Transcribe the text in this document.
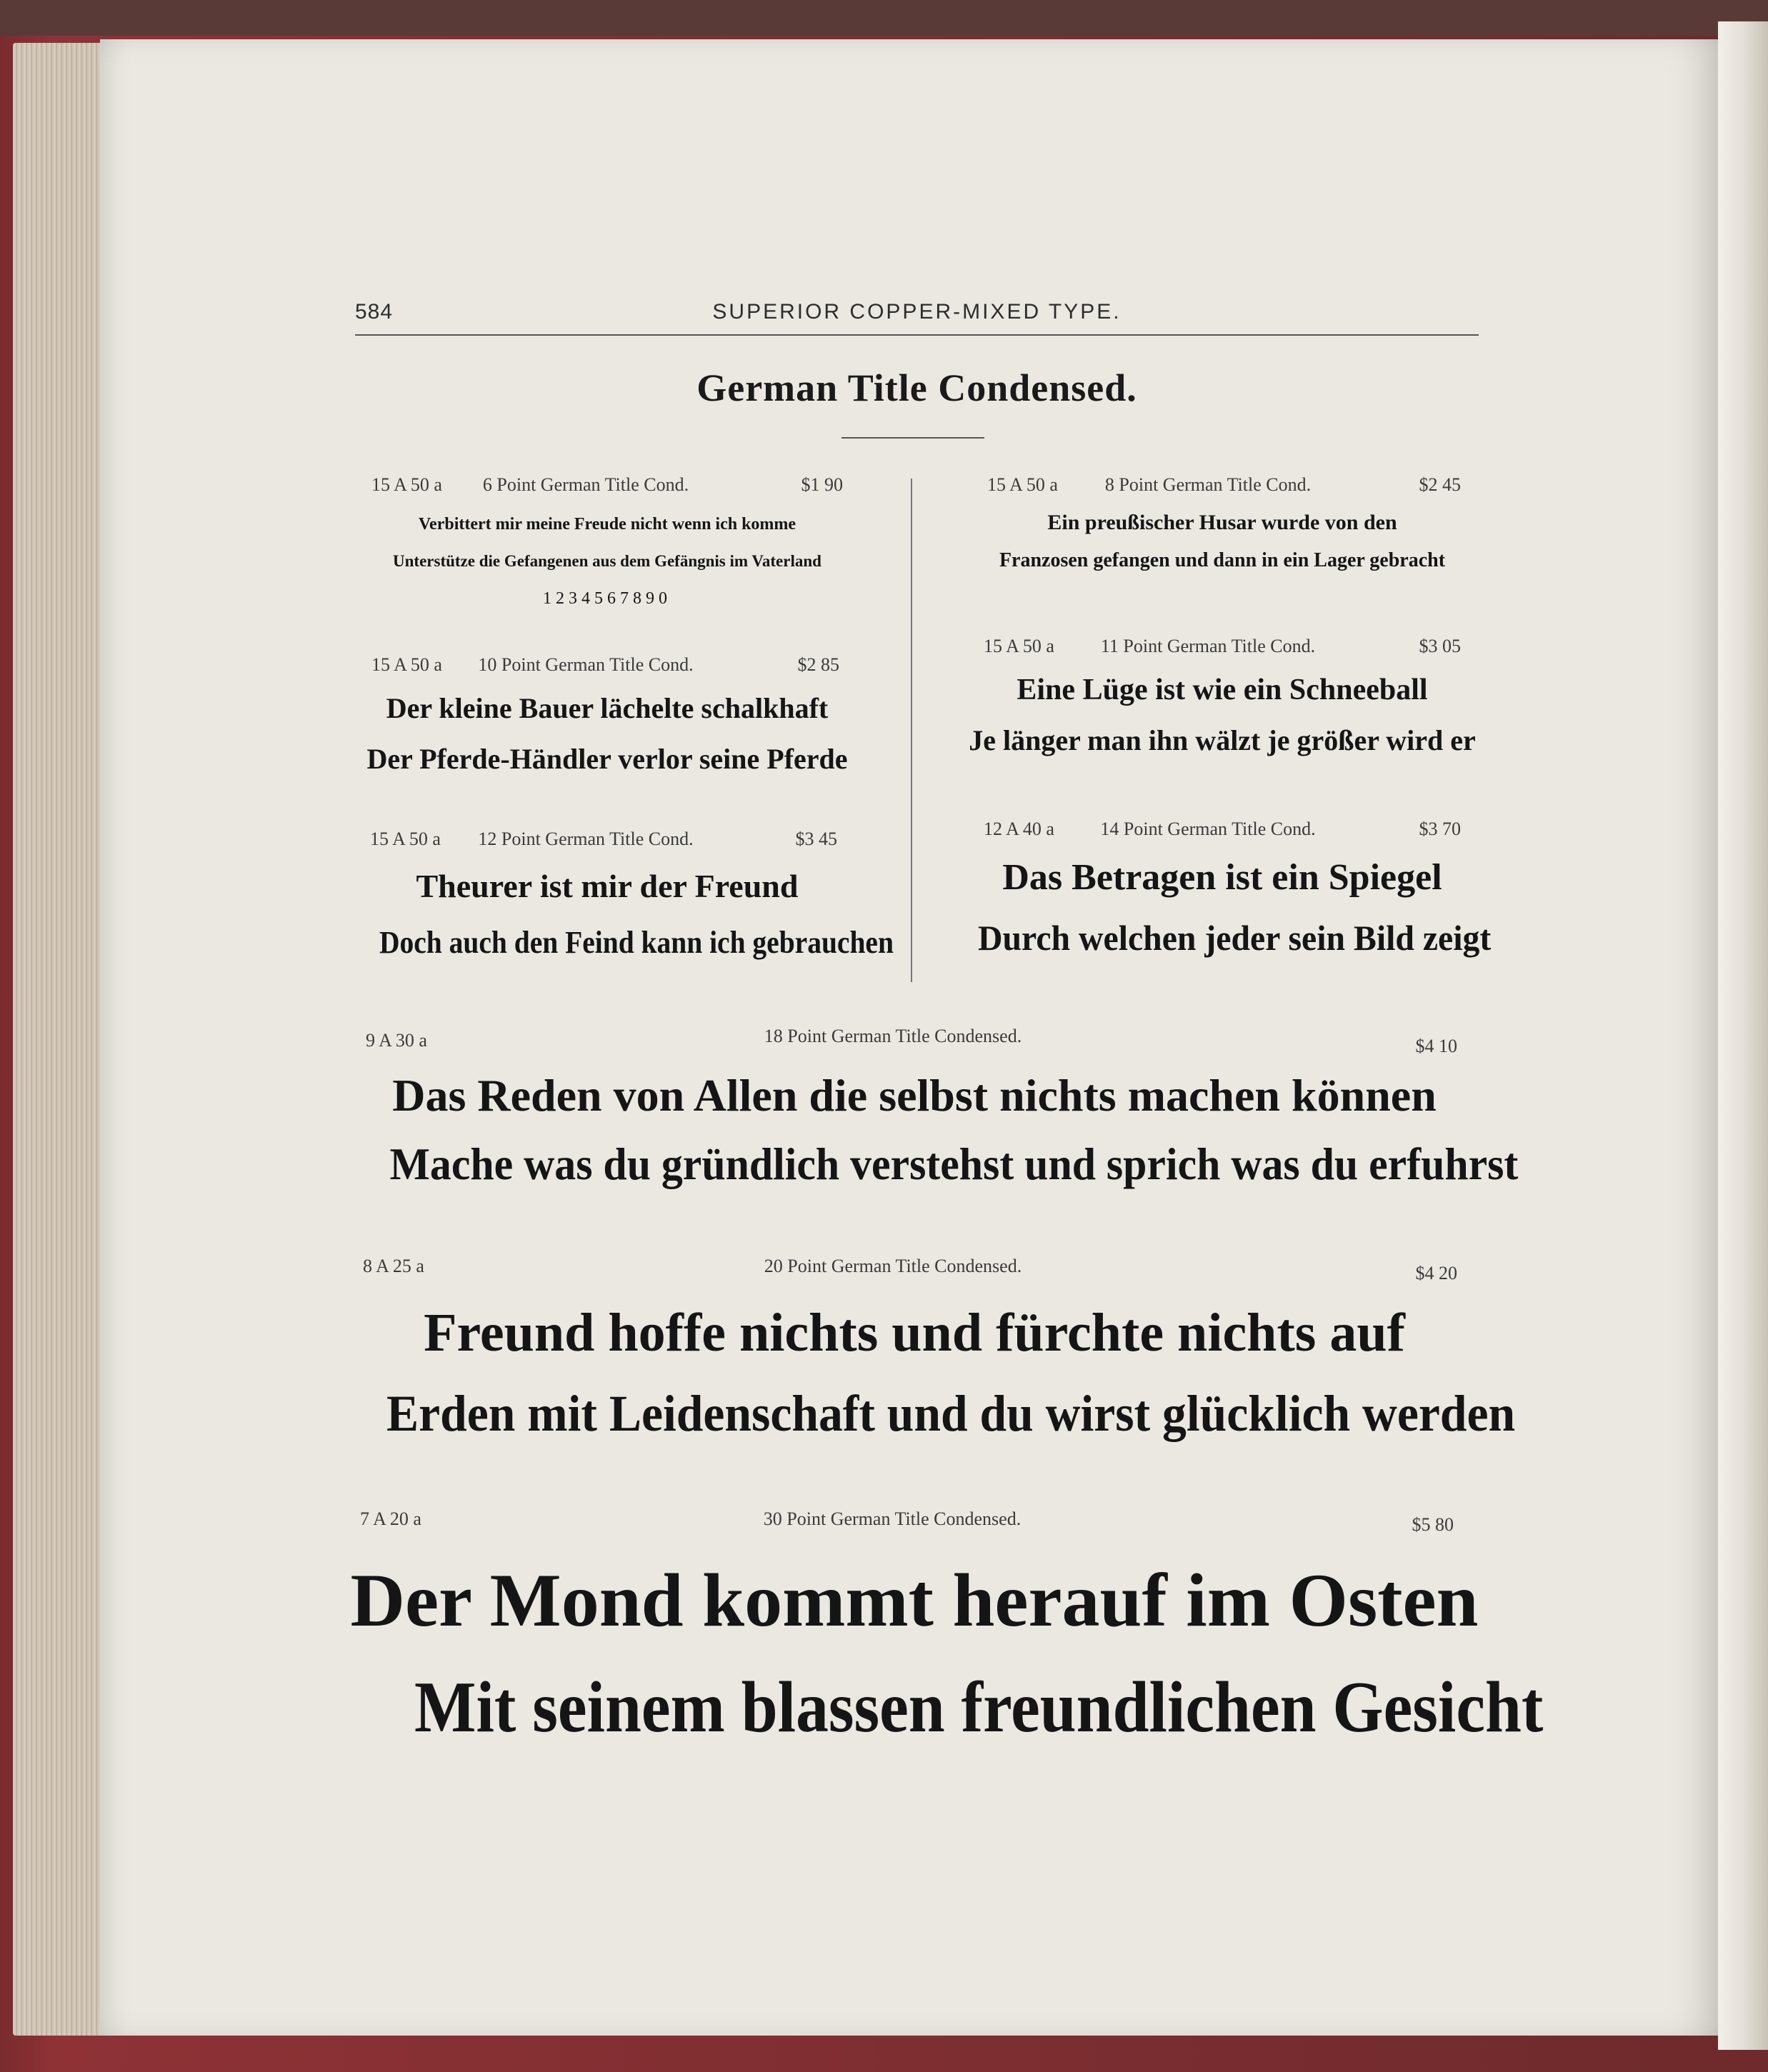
584	SUPERIOR COPPER-MIXED TYPE.
German Title Condensed.
15 A 50 a	6 Point German Title Cond.	$1 90
Verbittert mir meine Freude nicht wenn ich komme
Unterstütze die Gefangenen aus dem Gefängnis im Vaterland
1234567890
15 A 50 a	8 Point German Title Cond.	$2 45
Ein preußischer Husar wurde von den
Franzosen gefangen und dann in ein Lager gebracht
15 A 50 a	10 Point German Title Cond.	$2 85
Der kleine Bauer lächelte schalkhaft
Der Pferde-Händler verlor seine Pferde
15 A 50 a	11 Point German Title Cond.	$3 05
Eine Lüge ist wie ein Schneeball
Je länger man ihn wälzt je größer wird er
15 A 50 a	12 Point German Title Cond.	$3 45
Theurer ist mir der Freund
Doch auch den Feind kann ich gebrauchen
12 A 40 a	14 Point German Title Cond.	$3 70
Das Betragen ist ein Spiegel
Durch welchen jeder sein Bild zeigt
9 A 30 a	18 Point German Title Condensed.	$4 10
Das Reden von Allen die selbst nichts machen können
Mache was du gründlich verstehst und sprich was du erfuhrst
8 A 25 a	20 Point German Title Condensed.	$4 20
Freund hoffe nichts und fürchte nichts auf
Erden mit Leidenschaft und du wirst glücklich werden
7 A 20 a	30 Point German Title Condensed.	$5 80
Der Mond kommt herauf im Osten
Mit seinem blassen freundlichen Gesicht
